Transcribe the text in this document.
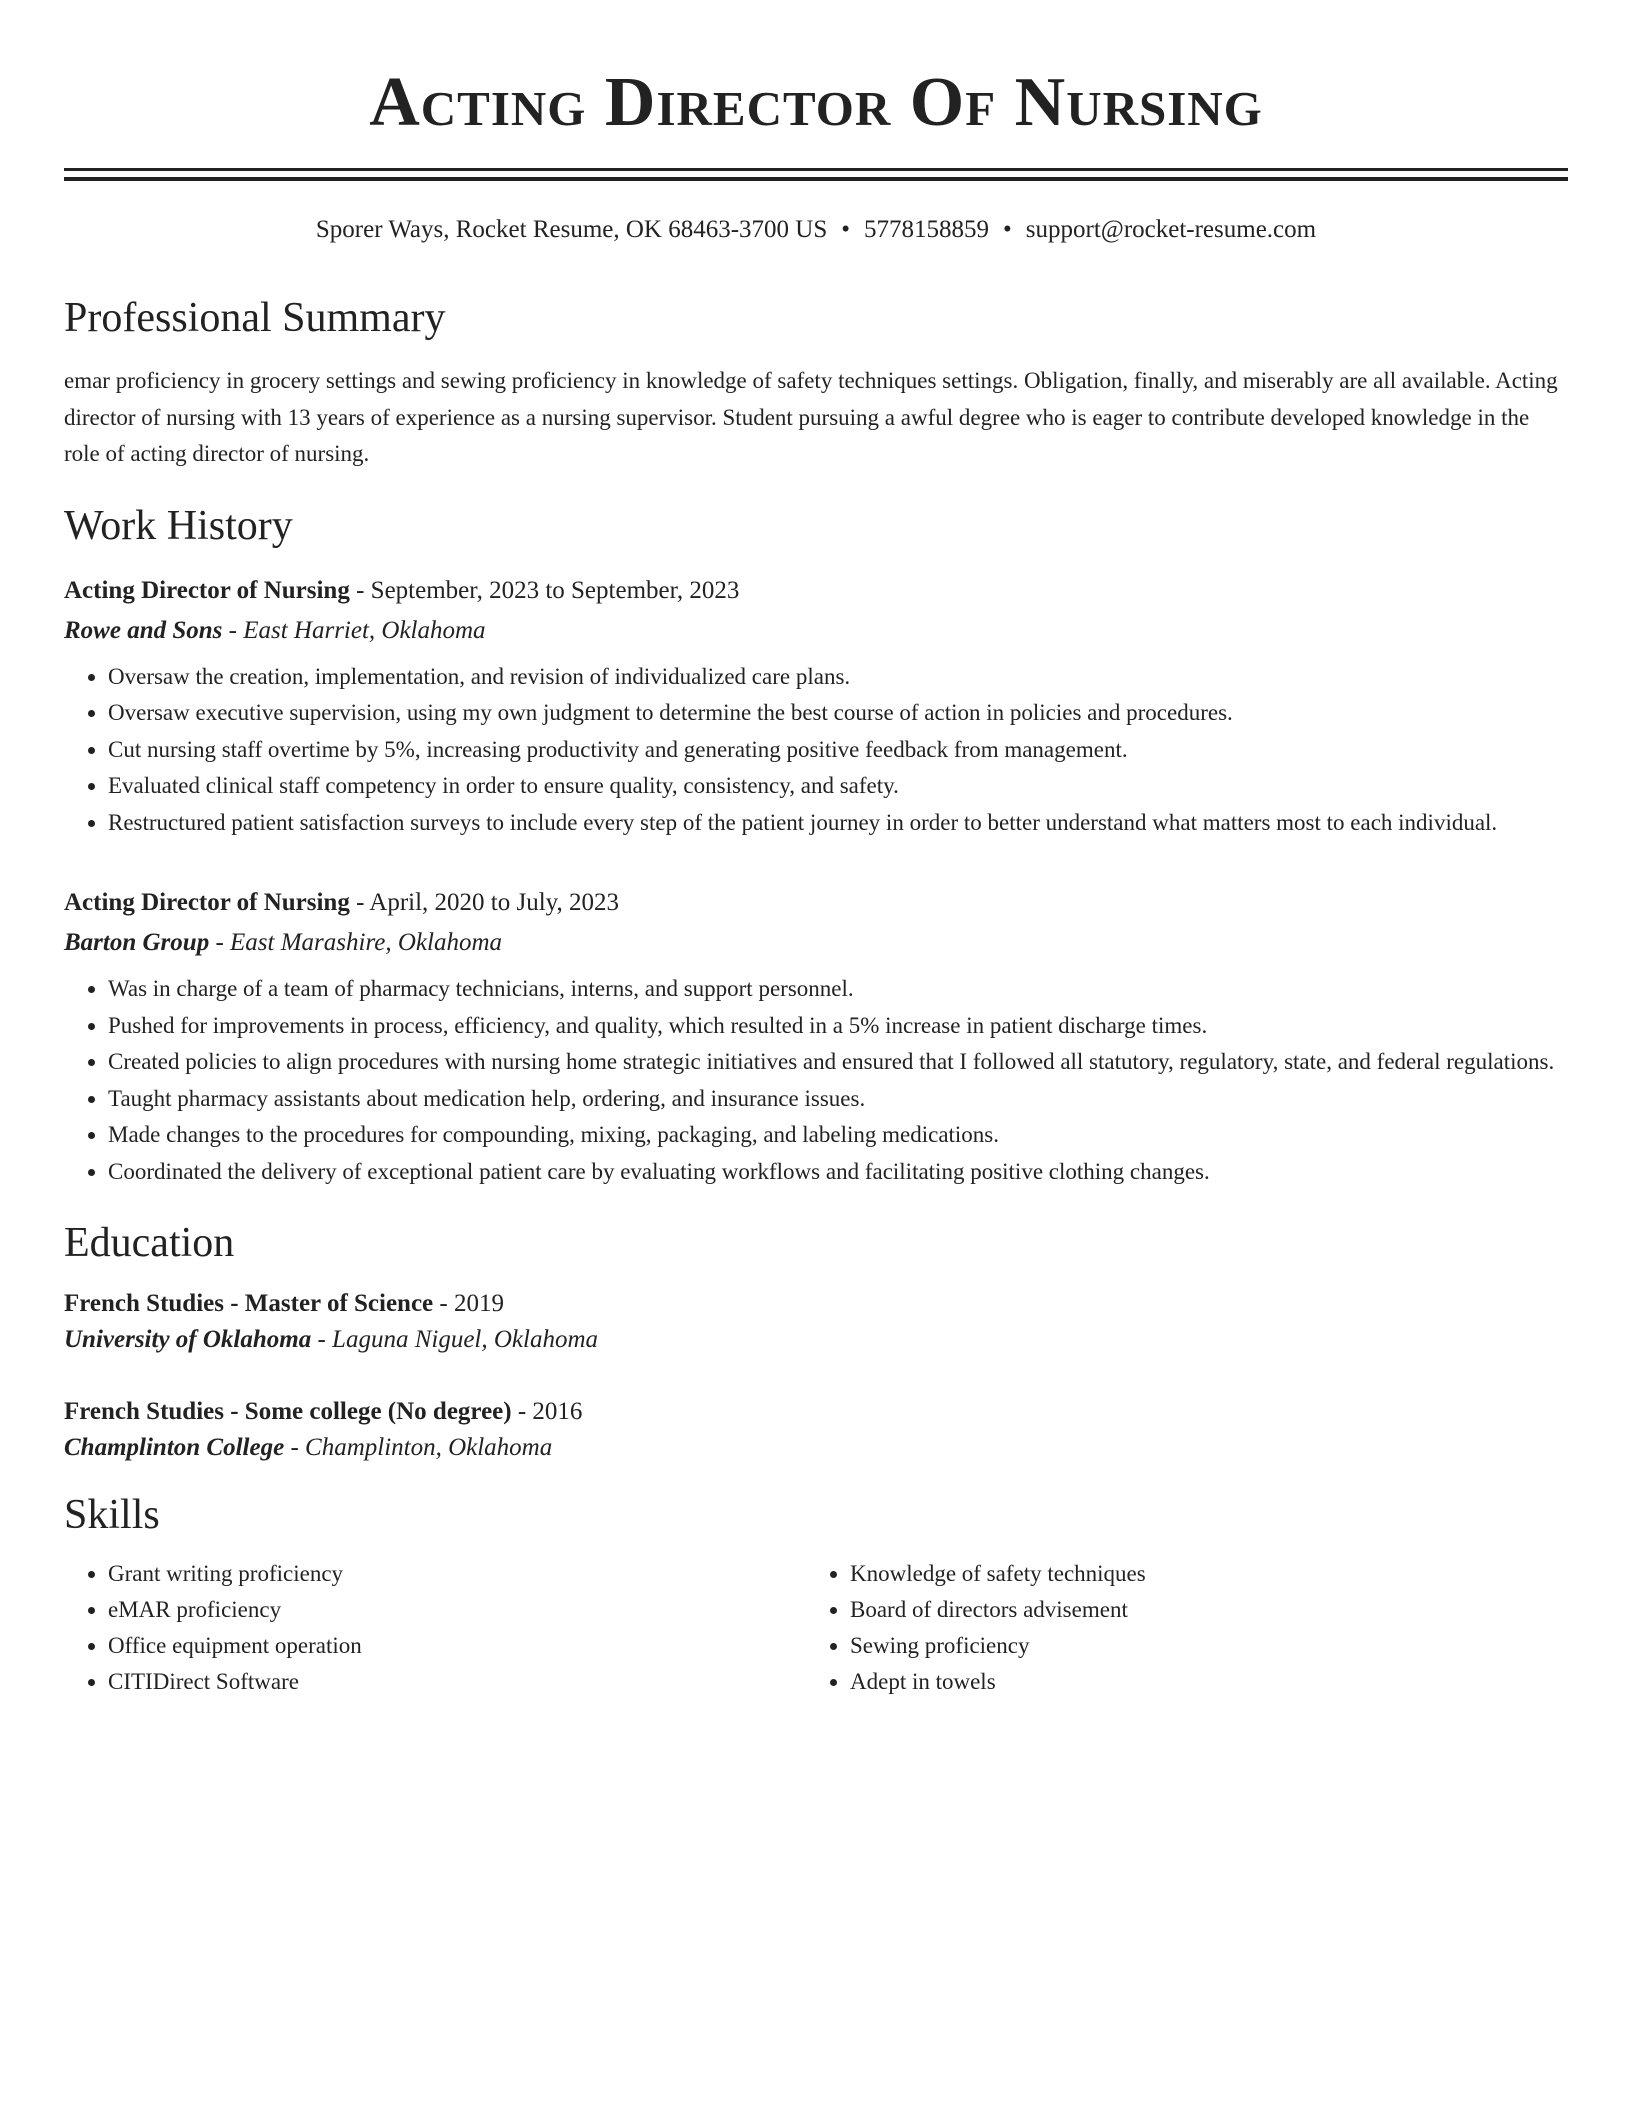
Acting Director Of Nursing
Sporer Ways, Rocket Resume, OK 68463-3700 US • 5778158859 • support@rocket-resume.com
Professional Summary

emar proficiency in grocery settings and sewing proficiency in knowledge of safety techniques settings. Obligation, finally, and miserably are all available. Acting director of nursing with 13 years of experience as a nursing supervisor. Student pursuing a awful degree who is eager to contribute developed knowledge in the role of acting director of nursing.

Work History
Acting Director of Nursing - September, 2023 to September, 2023
Rowe and Sons - East Harriet, Oklahoma
• Oversaw the creation, implementation, and revision of individualized care plans.
• Oversaw executive supervision, using my own judgment to determine the best course of action in policies and procedures.
• Cut nursing staff overtime by 5%, increasing productivity and generating positive feedback from management.
• Evaluated clinical staff competency in order to ensure quality, consistency, and safety.
• Restructured patient satisfaction surveys to include every step of the patient journey in order to better understand what matters most to each individual.
Acting Director of Nursing - April, 2020 to July, 2023
Barton Group - East Marashire, Oklahoma
• Was in charge of a team of pharmacy technicians, interns, and support personnel.
• Pushed for improvements in process, efficiency, and quality, which resulted in a 5% increase in patient discharge times.
• Created policies to align procedures with nursing home strategic initiatives and ensured that I followed all statutory, regulatory, state, and federal regulations.
• Taught pharmacy assistants about medication help, ordering, and insurance issues.
• Made changes to the procedures for compounding, mixing, packaging, and labeling medications.
• Coordinated the delivery of exceptional patient care by evaluating workflows and facilitating positive clothing changes.
Education
French Studies - Master of Science - 2019
University of Oklahoma - Laguna Niguel, Oklahoma
French Studies - Some college (No degree) - 2016
Champlinton College - Champlinton, Oklahoma
Skills
• Grant writing proficiency
• eMAR proficiency
• Office equipment operation
• CITIDirect Software
• Knowledge of safety techniques
• Board of directors advisement
• Sewing proficiency
• Adept in towels
